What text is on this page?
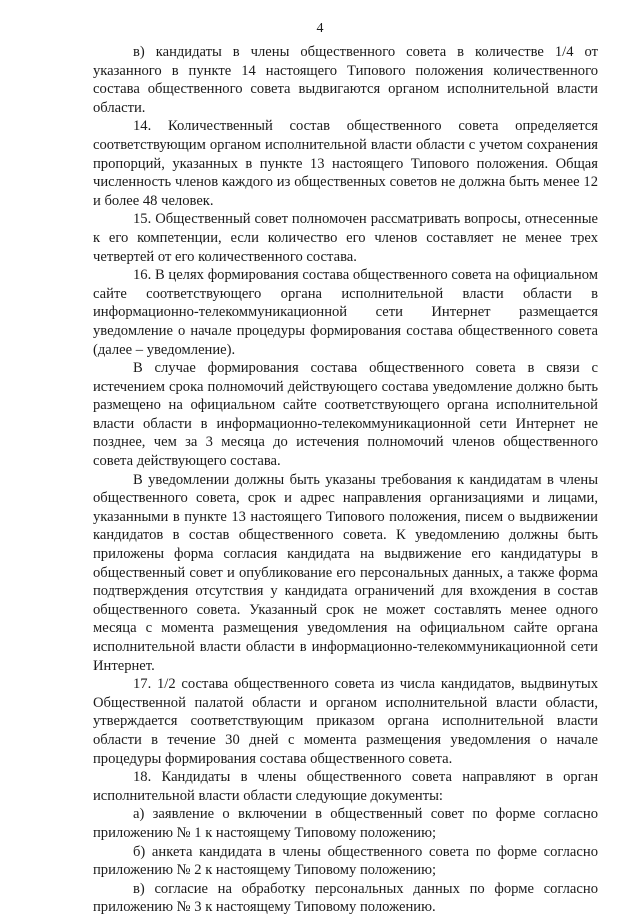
4

в) кандидаты в члены общественного совета в количестве 1/4 от указанного в пункте 14 настоящего Типового положения количественного состава общественного совета выдвигаются органом исполнительной власти области.

14. Количественный состав общественного совета определяется соответствующим органом исполнительной власти области с учетом сохранения пропорций, указанных в пункте 13 настоящего Типового положения. Общая численность членов каждого из общественных советов не должна быть менее 12 и более 48 человек.

15. Общественный совет полномочен рассматривать вопросы, отнесенные к его компетенции, если количество его членов составляет не менее трех четвертей от его количественного состава.

16. В целях формирования состава общественного совета на официальном сайте соответствующего органа исполнительной власти области в информационно-телекоммуникационной сети Интернет размещается уведомление о начале процедуры формирования состава общественного совета (далее – уведомление).

В случае формирования состава общественного совета в связи с истечением срока полномочий действующего состава уведомление должно быть размещено на официальном сайте соответствующего органа исполнительной власти области в информационно-телекоммуникационной сети Интернет не позднее, чем за 3 месяца до истечения полномочий членов общественного совета действующего состава.

В уведомлении должны быть указаны требования к кандидатам в члены общественного совета, срок и адрес направления организациями и лицами, указанными в пункте 13 настоящего Типового положения, писем о выдвижении кандидатов в состав общественного совета. К уведомлению должны быть приложены форма согласия кандидата на выдвижение его кандидатуры в общественный совет и опубликование его персональных данных, а также форма подтверждения отсутствия у кандидата ограничений для вхождения в состав общественного совета. Указанный срок не может составлять менее одного месяца с момента размещения уведомления на официальном сайте органа исполнительной власти области в информационно-телекоммуникационной сети Интернет.

17. 1/2 состава общественного совета из числа кандидатов, выдвинутых Общественной палатой области и органом исполнительной власти области, утверждается соответствующим приказом органа исполнительной власти области в течение 30 дней с момента размещения уведомления о начале процедуры формирования состава общественного совета.

18. Кандидаты в члены общественного совета направляют в орган исполнительной власти области следующие документы:

а) заявление о включении в общественный совет по форме согласно приложению № 1 к настоящему Типовому положению;

б) анкета кандидата в члены общественного совета по форме согласно приложению № 2 к настоящему Типовому положению;

в) согласие на обработку персональных данных по форме согласно приложению № 3 к настоящему Типовому положению.
